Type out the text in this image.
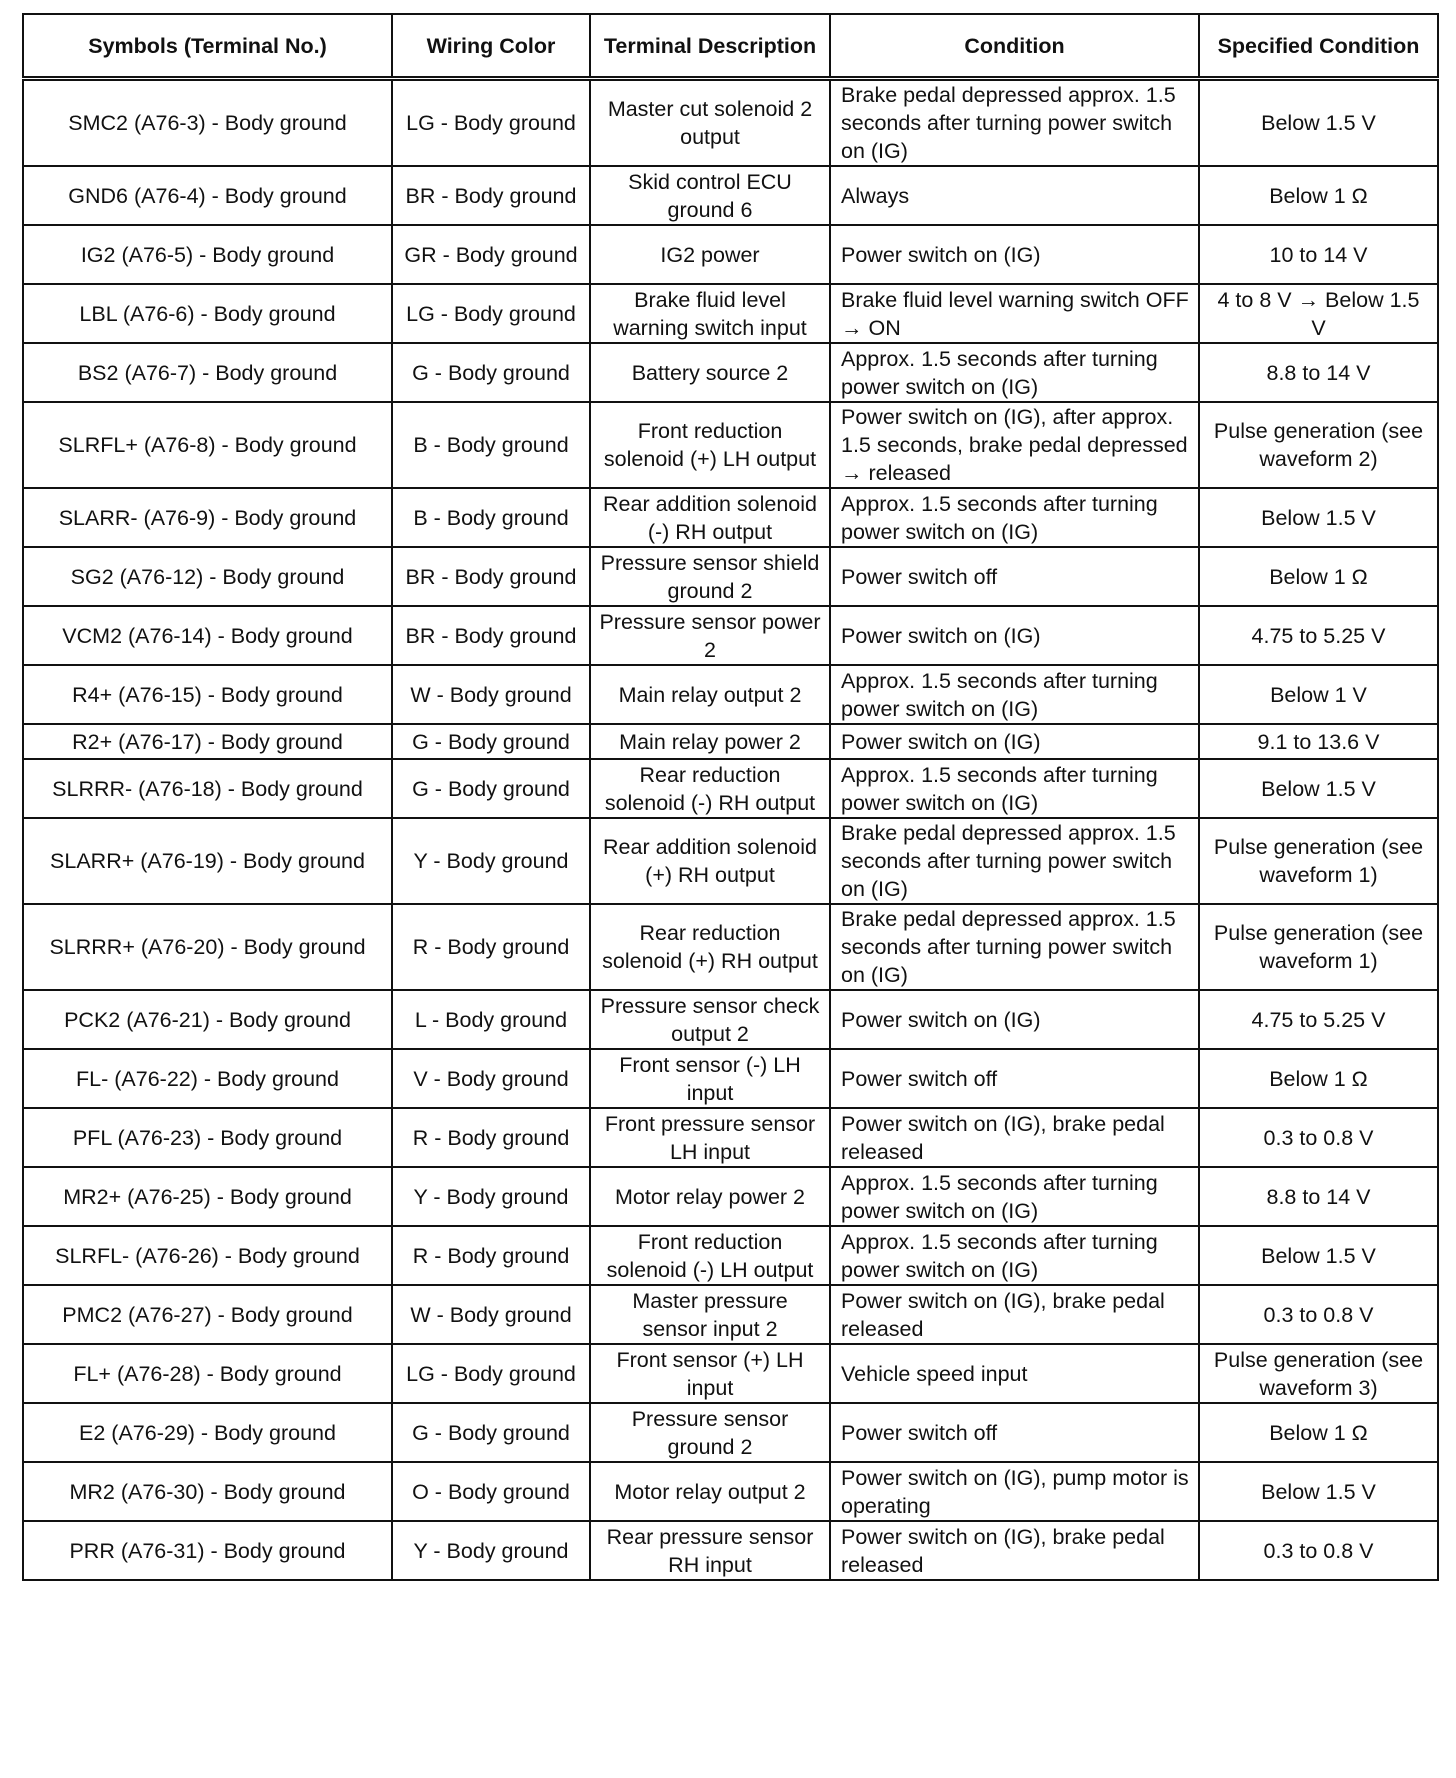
Symbols (Terminal No.)	Wiring Color	Terminal Description	Condition	Specified Condition
SMC2 (A76-3) - Body ground	LG - Body ground	Master cut solenoid 2 output	Brake pedal depressed approx. 1.5 seconds after turning power switch on (IG)	Below 1.5 V
GND6 (A76-4) - Body ground	BR - Body ground	Skid control ECU ground 6	Always	Below 1 Ω
IG2 (A76-5) - Body ground	GR - Body ground	IG2 power	Power switch on (IG)	10 to 14 V
LBL (A76-6) - Body ground	LG - Body ground	Brake fluid level warning switch input	Brake fluid level warning switch OFF → ON	4 to 8 V → Below 1.5 V
BS2 (A76-7) - Body ground	G - Body ground	Battery source 2	Approx. 1.5 seconds after turning power switch on (IG)	8.8 to 14 V
SLRFL+ (A76-8) - Body ground	B - Body ground	Front reduction solenoid (+) LH output	Power switch on (IG), after approx. 1.5 seconds, brake pedal depressed → released	Pulse generation (see waveform 2)
SLARR- (A76-9) - Body ground	B - Body ground	Rear addition solenoid (-) RH output	Approx. 1.5 seconds after turning power switch on (IG)	Below 1.5 V
SG2 (A76-12) - Body ground	BR - Body ground	Pressure sensor shield ground 2	Power switch off	Below 1 Ω
VCM2 (A76-14) - Body ground	BR - Body ground	Pressure sensor power 2	Power switch on (IG)	4.75 to 5.25 V
R4+ (A76-15) - Body ground	W - Body ground	Main relay output 2	Approx. 1.5 seconds after turning power switch on (IG)	Below 1 V
R2+ (A76-17) - Body ground	G - Body ground	Main relay power 2	Power switch on (IG)	9.1 to 13.6 V
SLRRR- (A76-18) - Body ground	G - Body ground	Rear reduction solenoid (-) RH output	Approx. 1.5 seconds after turning power switch on (IG)	Below 1.5 V
SLARR+ (A76-19) - Body ground	Y - Body ground	Rear addition solenoid (+) RH output	Brake pedal depressed approx. 1.5 seconds after turning power switch on (IG)	Pulse generation (see waveform 1)
SLRRR+ (A76-20) - Body ground	R - Body ground	Rear reduction solenoid (+) RH output	Brake pedal depressed approx. 1.5 seconds after turning power switch on (IG)	Pulse generation (see waveform 1)
PCK2 (A76-21) - Body ground	L - Body ground	Pressure sensor check output 2	Power switch on (IG)	4.75 to 5.25 V
FL- (A76-22) - Body ground	V - Body ground	Front sensor (-) LH input	Power switch off	Below 1 Ω
PFL (A76-23) - Body ground	R - Body ground	Front pressure sensor LH input	Power switch on (IG), brake pedal released	0.3 to 0.8 V
MR2+ (A76-25) - Body ground	Y - Body ground	Motor relay power 2	Approx. 1.5 seconds after turning power switch on (IG)	8.8 to 14 V
SLRFL- (A76-26) - Body ground	R - Body ground	Front reduction solenoid (-) LH output	Approx. 1.5 seconds after turning power switch on (IG)	Below 1.5 V
PMC2 (A76-27) - Body ground	W - Body ground	Master pressure sensor input 2	Power switch on (IG), brake pedal released	0.3 to 0.8 V
FL+ (A76-28) - Body ground	LG - Body ground	Front sensor (+) LH input	Vehicle speed input	Pulse generation (see waveform 3)
E2 (A76-29) - Body ground	G - Body ground	Pressure sensor ground 2	Power switch off	Below 1 Ω
MR2 (A76-30) - Body ground	O - Body ground	Motor relay output 2	Power switch on (IG), pump motor is operating	Below 1.5 V
PRR (A76-31) - Body ground	Y - Body ground	Rear pressure sensor RH input	Power switch on (IG), brake pedal released	0.3 to 0.8 V
